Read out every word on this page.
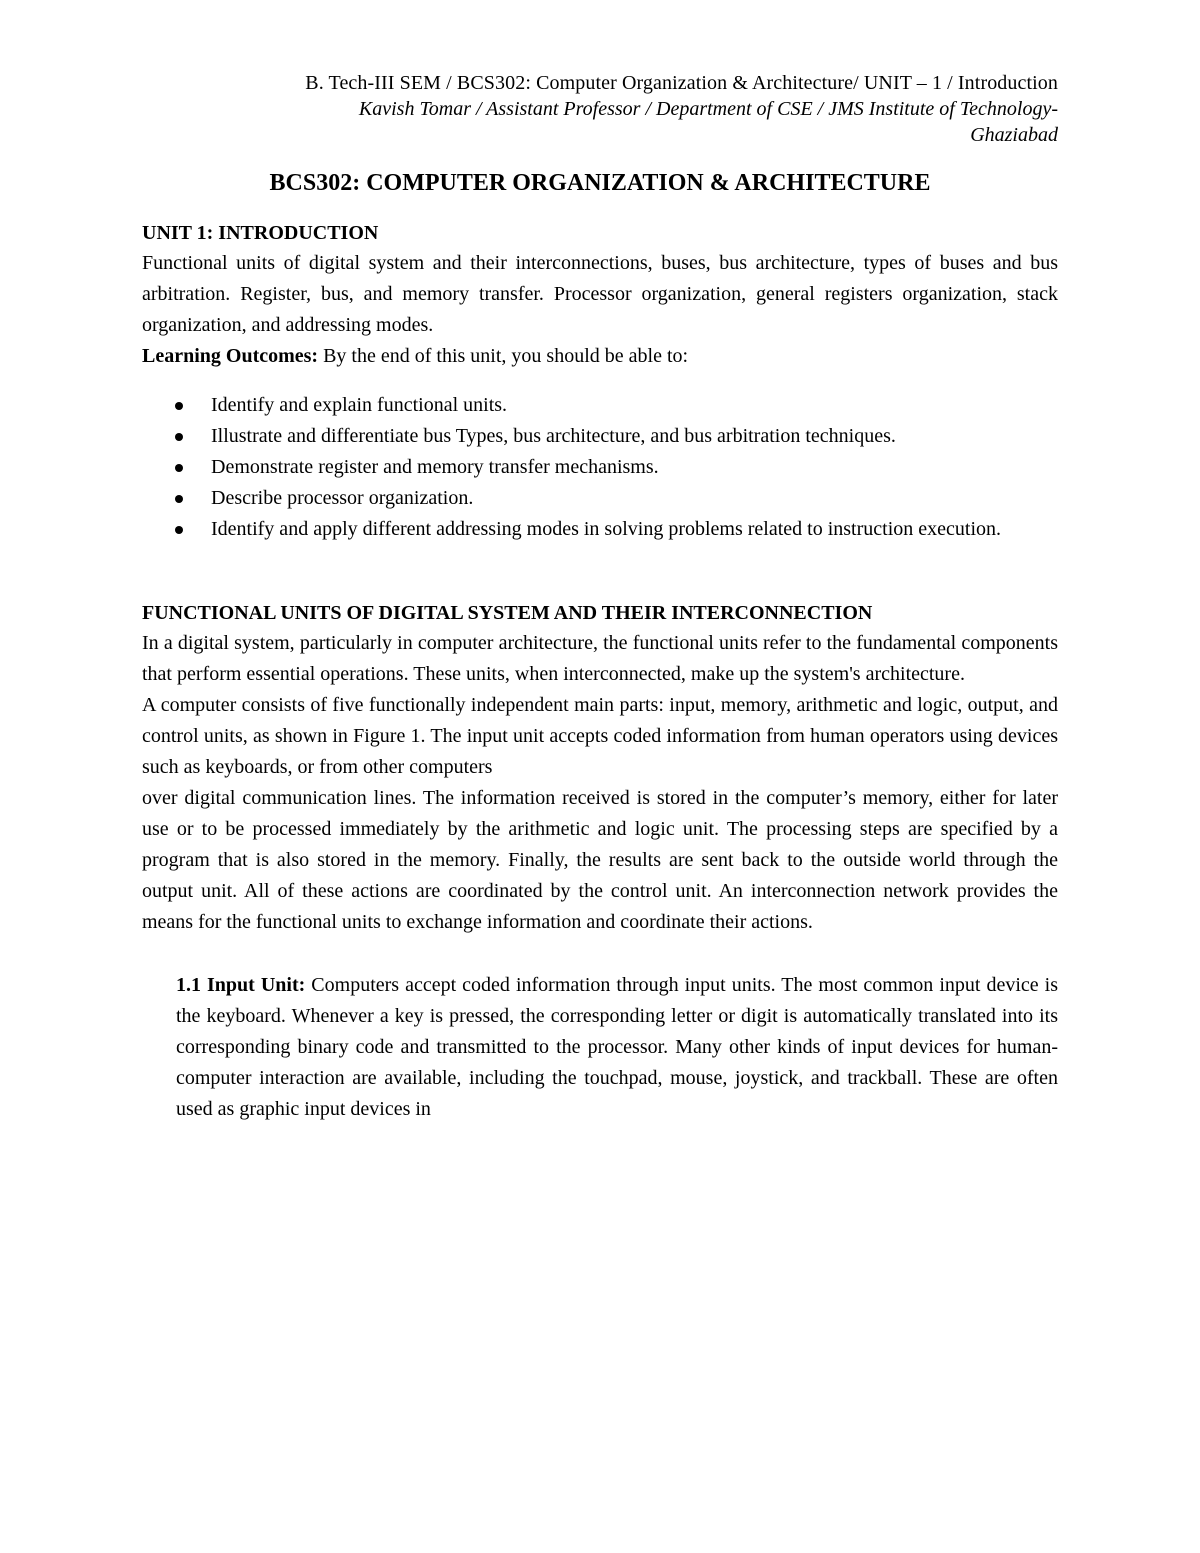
B. Tech-III SEM / BCS302: Computer Organization & Architecture/ UNIT – 1 / Introduction
Kavish Tomar / Assistant Professor / Department of CSE / JMS Institute of Technology-
Ghaziabad
BCS302: COMPUTER ORGANIZATION & ARCHITECTURE
UNIT 1: INTRODUCTION

Functional units of digital system and their interconnections, buses, bus architecture, types of buses and bus arbitration. Register, bus, and memory transfer. Processor organization, general registers organization, stack organization, and addressing modes.

Learning Outcomes: By the end of this unit, you should be able to:

Identify and explain functional units.
Illustrate and differentiate bus Types, bus architecture, and bus arbitration techniques.
Demonstrate register and memory transfer mechanisms.
Describe processor organization.
Identify and apply different addressing modes in solving problems related to instruction execution.
FUNCTIONAL UNITS OF DIGITAL SYSTEM AND THEIR INTERCONNECTION

In a digital system, particularly in computer architecture, the functional units refer to the fundamental components that perform essential operations. These units, when interconnected, make up the system's architecture.

A computer consists of five functionally independent main parts: input, memory, arithmetic and logic, output, and control units, as shown in Figure 1. The input unit accepts coded information from human operators using devices such as keyboards, or from other computers
over digital communication lines. The information received is stored in the computer’s memory, either for later use or to be processed immediately by the arithmetic and logic unit. The processing steps are specified by a program that is also stored in the memory. Finally, the results are sent back to the outside world through the output unit. All of these actions are coordinated by the control unit. An interconnection network provides the means for the functional units to exchange information and coordinate their actions.

1.1 Input Unit: Computers accept coded information through input units. The most common input device is the keyboard. Whenever a key is pressed, the corresponding letter or digit is automatically translated into its corresponding binary code and transmitted to the processor. Many other kinds of input devices for human-computer interaction are available, including the touchpad, mouse, joystick, and trackball. These are often used as graphic input devices in
